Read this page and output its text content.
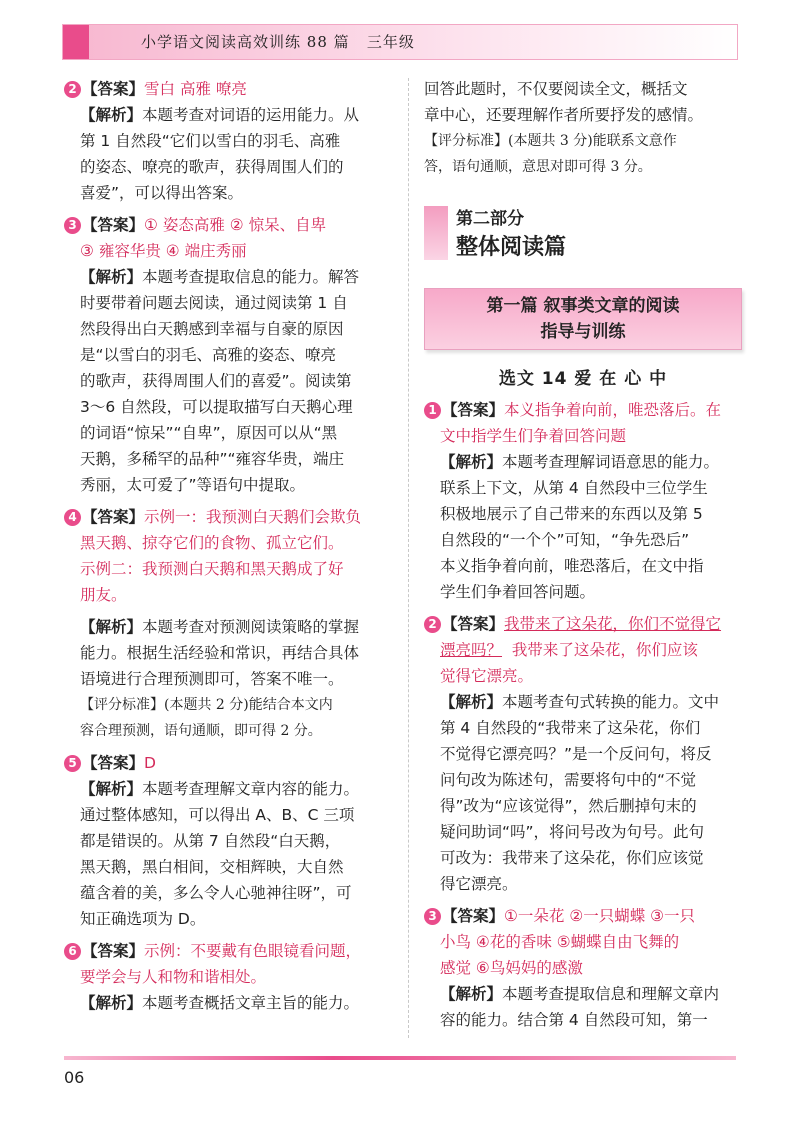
小学语文阅读高效训练 88 篇   三年级

2 【答案】雪白 高雅 嘹亮

【解析】本题考查对词语的运用能力。从

第 1 自然段“它们以雪白的羽毛、高雅

的姿态、嘹亮的歌声，获得周围人们的

喜爱”，可以得出答案。

3 【答案】① 姿态高雅 ② 惊呆、自卑

③ 雍容华贵 ④ 端庄秀丽

【解析】本题考查提取信息的能力。解答

时要带着问题去阅读，通过阅读第 1 自

然段得出白天鹅感到幸福与自豪的原因

是“以雪白的羽毛、高雅的姿态、嘹亮

的歌声，获得周围人们的喜爱”。阅读第

3～6 自然段，可以提取描写白天鹅心理

的词语“惊呆”“自卑”，原因可以从“黑

天鹅，多稀罕的品种”“雍容华贵，端庄

秀丽，太可爱了”等语句中提取。

4 【答案】示例一：我预测白天鹅们会欺负

黑天鹅、掠夺它们的食物、孤立它们。

示例二：我预测白天鹅和黑天鹅成了好

朋友。

【解析】本题考查对预测阅读策略的掌握

能力。根据生活经验和常识，再结合具体

语境进行合理预测即可，答案不唯一。

【评分标准】(本题共 2 分)能结合本文内

容合理预测，语句通顺，即可得 2 分。

5 【答案】D

【解析】本题考查理解文章内容的能力。

通过整体感知，可以得出 A、B、C 三项

都是错误的。从第 7 自然段“白天鹅，

黑天鹅，黑白相间，交相辉映，大自然

蕴含着的美，多么令人心驰神往呀”，可

知正确选项为 D。

6 【答案】示例：不要戴有色眼镜看问题，

要学会与人和物和谐相处。

【解析】本题考查概括文章主旨的能力。

回答此题时，不仅要阅读全文，概括文

章中心，还要理解作者所要抒发的感情。

【评分标准】(本题共 3 分)能联系文意作

答，语句通顺，意思对即可得 3 分。

第二部分
整体阅读篇
第一篇 叙事类文章的阅读
指导与训练
选文 14 爱 在 心 中

1 【答案】本义指争着向前，唯恐落后。在

文中指学生们争着回答问题

【解析】本题考查理解词语意思的能力。

联系上下文，从第 4 自然段中三位学生

积极地展示了自己带来的东西以及第 5

自然段的“一个个”可知，“争先恐后”

本义指争着向前，唯恐落后，在文中指

学生们争着回答问题。

2 【答案】我带来了这朵花，你们不觉得它

漂亮吗？  我带来了这朵花，你们应该

觉得它漂亮。

【解析】本题考查句式转换的能力。文中

第 4 自然段的“我带来了这朵花，你们

不觉得它漂亮吗？”是一个反问句，将反

问句改为陈述句，需要将句中的“不觉

得”改为“应该觉得”，然后删掉句末的

疑问助词“吗”，将问号改为句号。此句

可改为：我带来了这朵花，你们应该觉

得它漂亮。

3 【答案】①一朵花 ②一只蝴蝶 ③一只

小鸟 ④花的香味 ⑤蝴蝶自由飞舞的

感觉 ⑥鸟妈妈的感激

【解析】本题考查提取信息和理解文章内

容的能力。结合第 4 自然段可知，第一

06
